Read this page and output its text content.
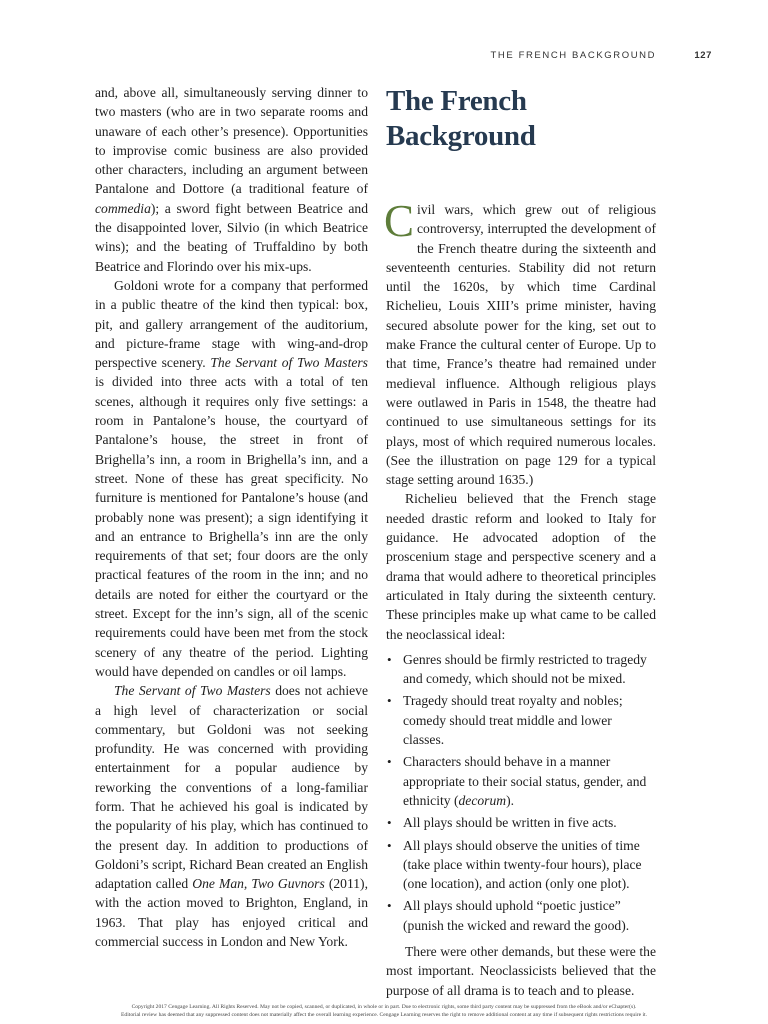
THE FRENCH BACKGROUND	127

and, above all, simultaneously serving dinner to two masters (who are in two separate rooms and unaware of each other’s presence). Opportunities to improvise comic business are also provided other characters, including an argument between Pantalone and Dottore (a traditional feature of commedia); a sword fight between Beatrice and the disappointed lover, Silvio (in which Beatrice wins); and the beating of Truffaldino by both Beatrice and Florindo over his mix-ups.

Goldoni wrote for a company that performed in a public theatre of the kind then typical: box, pit, and gallery arrangement of the auditorium, and picture-frame stage with wing-and-drop perspective scenery. The Servant of Two Masters is divided into three acts with a total of ten scenes, although it requires only five settings: a room in Pantalone’s house, the courtyard of Pantalone’s house, the street in front of Brighella’s inn, a room in Brighella’s inn, and a street. None of these has great specificity. No furniture is mentioned for Pantalone’s house (and probably none was present); a sign identifying it and an entrance to Brighella’s inn are the only requirements of that set; four doors are the only practical features of the room in the inn; and no details are noted for either the courtyard or the street. Except for the inn’s sign, all of the scenic requirements could have been met from the stock scenery of any theatre of the period. Lighting would have depended on candles or oil lamps.

The Servant of Two Masters does not achieve a high level of characterization or social commentary, but Goldoni was not seeking profundity. He was concerned with providing entertainment for a popular audience by reworking the conventions of a long-familiar form. That he achieved his goal is indicated by the popularity of his play, which has continued to the present day. In addition to productions of Goldoni’s script, Richard Bean created an English adaptation called One Man, Two Guvnors (2011), with the action moved to Brighton, England, in 1963. That play has enjoyed critical and commercial success in London and New York.

The French
Background

Civil wars, which grew out of religious controversy, interrupted the development of the French theatre during the sixteenth and seventeenth centuries. Stability did not return until the 1620s, by which time Cardinal Richelieu, Louis XIII’s prime minister, having secured absolute power for the king, set out to make France the cultural center of Europe. Up to that time, France’s theatre had remained under medieval influence. Although religious plays were outlawed in Paris in 1548, the theatre had continued to use simultaneous settings for its plays, most of which required numerous locales. (See the illustration on page 129 for a typical stage setting around 1635.)

Richelieu believed that the French stage needed drastic reform and looked to Italy for guidance. He advocated adoption of the proscenium stage and perspective scenery and a drama that would adhere to theoretical principles articulated in Italy during the sixteenth century. These principles make up what came to be called the neoclassical ideal:

• Genres should be firmly restricted to tragedy and comedy, which should not be mixed.
• Tragedy should treat royalty and nobles; comedy should treat middle and lower classes.
• Characters should behave in a manner appropriate to their social status, gender, and ethnicity (decorum).
• All plays should be written in five acts.
• All plays should observe the unities of time (take place within twenty-four hours), place (one location), and action (only one plot).
• All plays should uphold “poetic justice” (punish the wicked and reward the good).

There were other demands, but these were the most important. Neoclassicists believed that the purpose of all drama is to teach and to please.

Copyright 2017 Cengage Learning. All Rights Reserved. May not be copied, scanned, or duplicated, in whole or in part. Due to electronic rights, some third party content may be suppressed from the eBook and/or eChapter(s).
Editorial review has deemed that any suppressed content does not materially affect the overall learning experience. Cengage Learning reserves the right to remove additional content at any time if subsequent rights restrictions require it.
